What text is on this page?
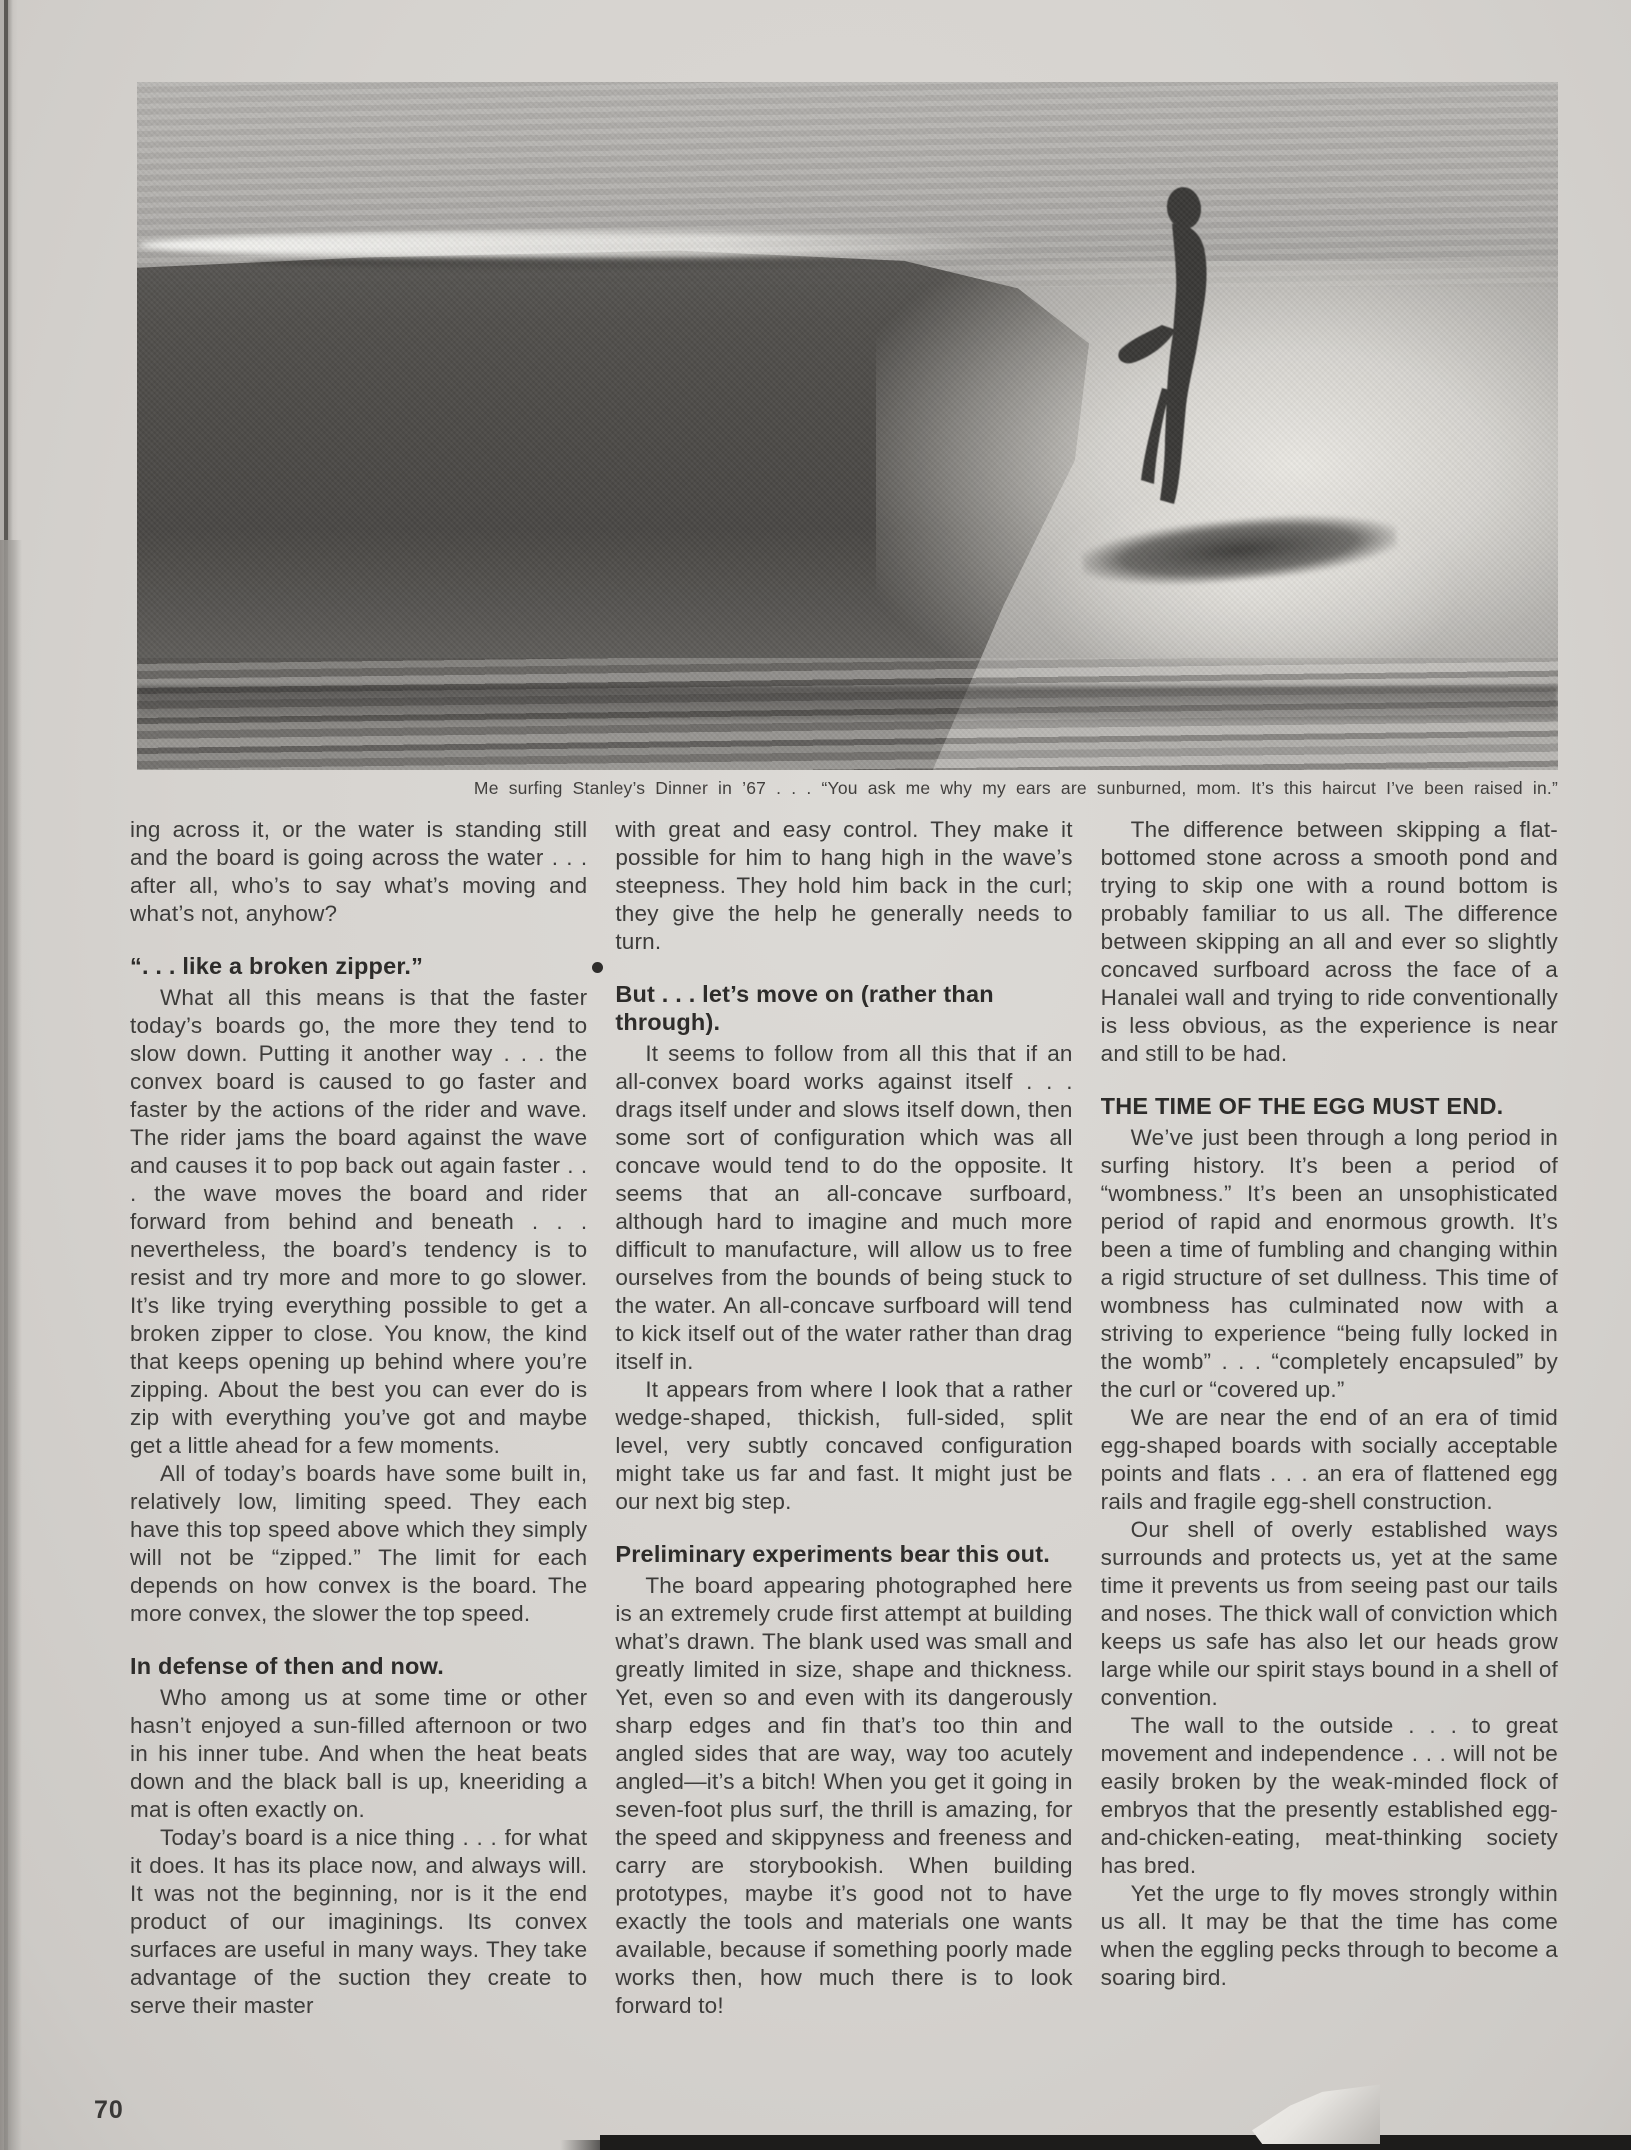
Me surfing Stanley’s Dinner in ’67 . . . “You ask me why my ears are sunburned, mom. It’s this haircut I’ve been raised in.”

ing across it, or the water is standing still and the board is going across the water . . . after all, who’s to say what’s moving and what’s not, anyhow?

“. . . like a broken zipper.”

What all this means is that the faster today’s boards go, the more they tend to slow down. Putting it another way . . . the convex board is caused to go faster and faster by the actions of the rider and wave. The rider jams the board against the wave and causes it to pop back out again faster . . . the wave moves the board and rider forward from behind and beneath . . . nevertheless, the board’s tendency is to resist and try more and more to go slower. It’s like trying everything possible to get a broken zipper to close. You know, the kind that keeps opening up behind where you’re zipping. About the best you can ever do is zip with everything you’ve got and maybe get a little ahead for a few moments.

All of today’s boards have some built in, relatively low, limiting speed. They each have this top speed above which they simply will not be “zipped.” The limit for each depends on how convex is the board. The more convex, the slower the top speed.

In defense of then and now.

Who among us at some time or other hasn’t enjoyed a sun-filled afternoon or two in his inner tube. And when the heat beats down and the black ball is up, kneeriding a mat is often exactly on.

Today’s board is a nice thing . . . for what it does. It has its place now, and always will. It was not the beginning, nor is it the end product of our imaginings. Its convex surfaces are useful in many ways. They take advantage of the suction they create to serve their master

with great and easy control. They make it possible for him to hang high in the wave’s steepness. They hold him back in the curl; they give the help he generally needs to turn.

But . . . let’s move on (rather than through).

It seems to follow from all this that if an all-convex board works against itself . . . drags itself under and slows itself down, then some sort of configuration which was all concave would tend to do the opposite. It seems that an all-concave surfboard, although hard to imagine and much more difficult to manufacture, will allow us to free ourselves from the bounds of being stuck to the water. An all-concave surfboard will tend to kick itself out of the water rather than drag itself in.

It appears from where I look that a rather wedge-shaped, thickish, full-sided, split level, very subtly concaved configuration might take us far and fast. It might just be our next big step.

Preliminary experiments bear this out.

The board appearing photographed here is an extremely crude first attempt at building what’s drawn. The blank used was small and greatly limited in size, shape and thickness. Yet, even so and even with its dangerously sharp edges and fin that’s too thin and angled sides that are way, way too acutely angled—it’s a bitch! When you get it going in seven-foot plus surf, the thrill is amazing, for the speed and skippyness and freeness and carry are storybookish. When building prototypes, maybe it’s good not to have exactly the tools and materials one wants available, because if something poorly made works then, how much there is to look forward to!

The difference between skipping a flat-bottomed stone across a smooth pond and trying to skip one with a round bottom is probably familiar to us all. The difference between skipping an all and ever so slightly concaved surfboard across the face of a Hanalei wall and trying to ride conventionally is less obvious, as the experience is near and still to be had.

THE TIME OF THE EGG MUST END.

We’ve just been through a long period in surfing history. It’s been a period of “wombness.” It’s been an unsophisticated period of rapid and enormous growth. It’s been a time of fumbling and changing within a rigid structure of set dullness. This time of wombness has culminated now with a striving to experience “being fully locked in the womb” . . . “completely encapsuled” by the curl or “covered up.”

We are near the end of an era of timid egg-shaped boards with socially acceptable points and flats . . . an era of flattened egg rails and fragile egg-shell construction.

Our shell of overly established ways surrounds and protects us, yet at the same time it prevents us from seeing past our tails and noses. The thick wall of conviction which keeps us safe has also let our heads grow large while our spirit stays bound in a shell of convention.

The wall to the outside . . . to great movement and independence . . . will not be easily broken by the weak-minded flock of embryos that the presently established egg-and-chicken-eating, meat-thinking society has bred.

Yet the urge to fly moves strongly within us all. It may be that the time has come when the eggling pecks through to become a soaring bird.

70
